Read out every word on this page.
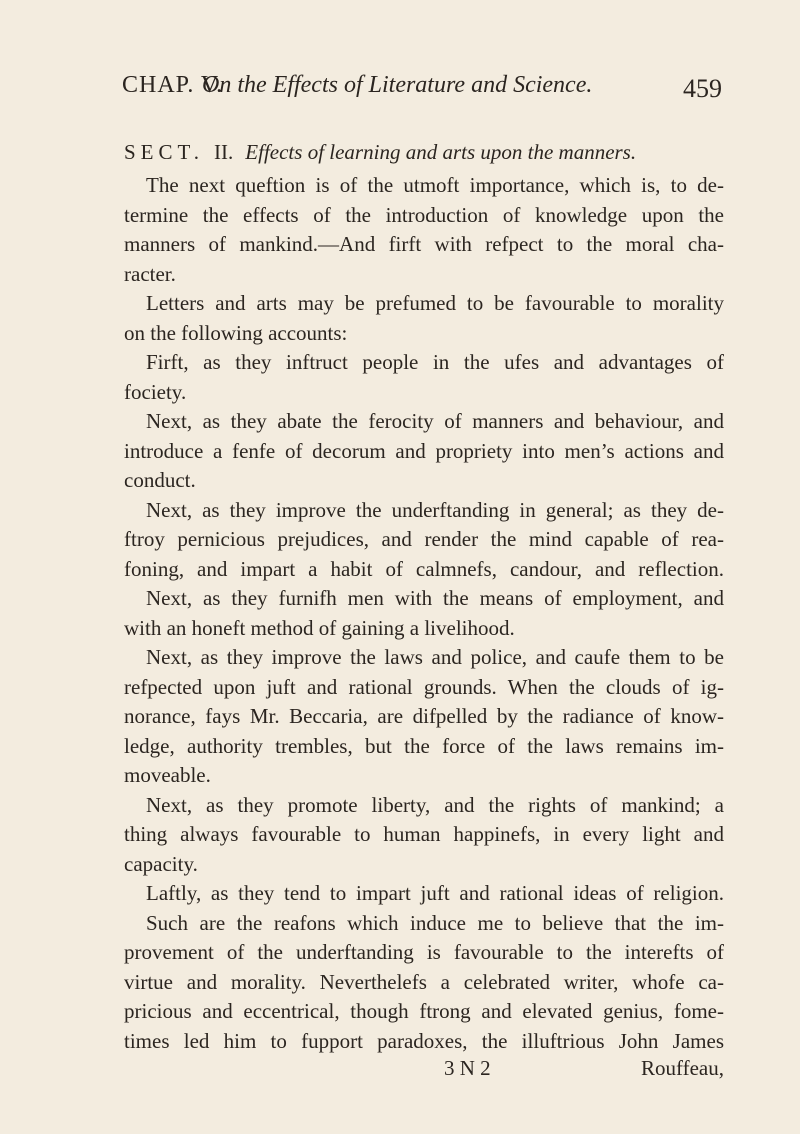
CHAP. V.
On the Effects of Literature and Science.	459
SECT. II. Effects of learning and arts upon the manners.
The next queftion is of the utmoft importance, which is, to de-
termine the effects of the introduction of knowledge upon the
manners of mankind.—And firft with refpect to the moral cha-
racter.
Letters and arts may be prefumed to be favourable to morality
on the following accounts:
Firft, as they inftruct people in the ufes and advantages of
fociety.
Next, as they abate the ferocity of manners and behaviour, and
introduce a fenfe of decorum and propriety into men’s actions and
conduct.
Next, as they improve the underftanding in general; as they de-
ftroy pernicious prejudices, and render the mind capable of rea-
foning, and impart a habit of calmnefs, candour, and reflection.
Next, as they furnifh men with the means of employment, and
with an honeft method of gaining a livelihood.
Next, as they improve the laws and police, and caufe them to be
refpected upon juft and rational grounds. When the clouds of ig-
norance, fays Mr. Beccaria, are difpelled by the radiance of know-
ledge, authority trembles, but the force of the laws remains im-
moveable.
Next, as they promote liberty, and the rights of mankind; a
thing always favourable to human happinefs, in every light and
capacity.
Laftly, as they tend to impart juft and rational ideas of religion.
Such are the reafons which induce me to believe that the im-
provement of the underftanding is favourable to the interefts of
virtue and morality. Neverthelefs a celebrated writer, whofe ca-
pricious and eccentrical, though ftrong and elevated genius, fome-
times led him to fupport paradoxes, the illuftrious John James
3 N 2	Rouffeau,
